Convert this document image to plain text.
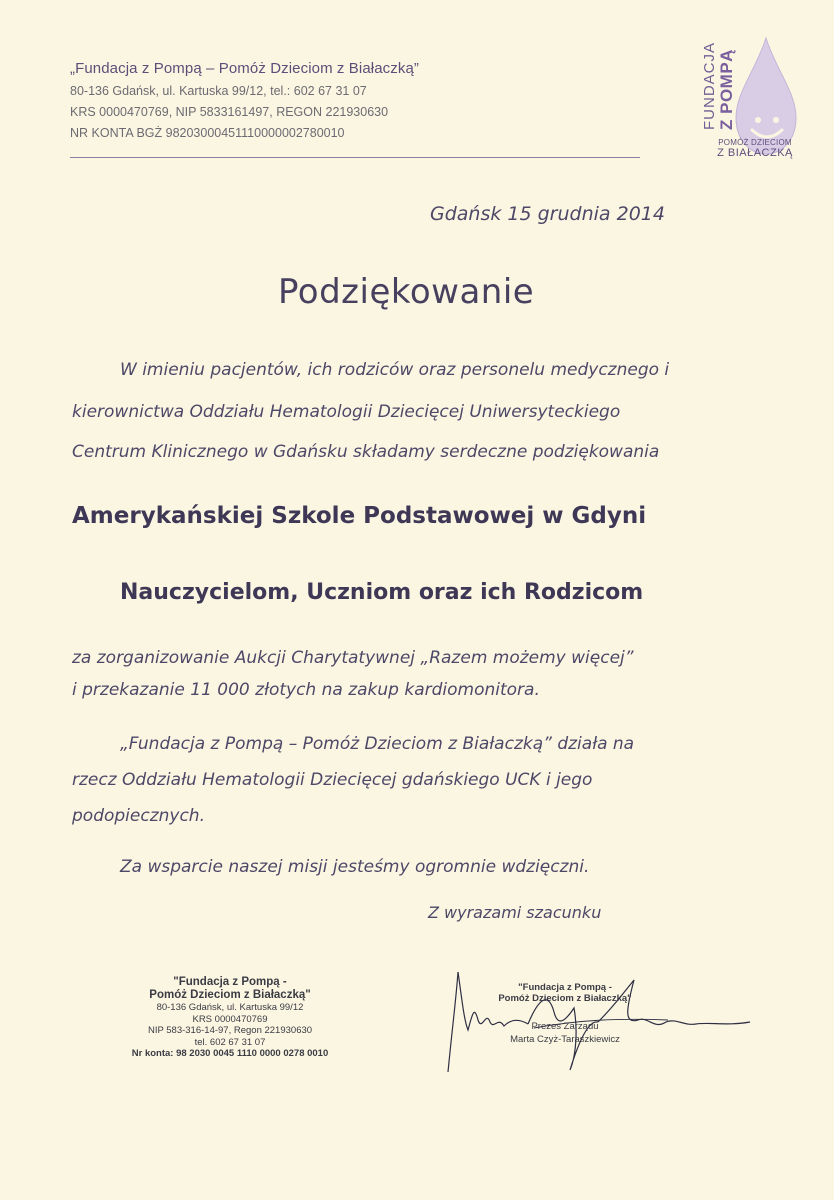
„Fundacja z Pompą – Pomóż Dzieciom z Białaczką”
80-136 Gdańsk, ul. Kartuska 99/12, tel.: 602 67 31 07
KRS 0000470769, NIP 5833161497, REGON 221930630
NR KONTA BGŻ 98203000451110000002780010
FUNDACJA Z POMPĄ
POMÓŻ DZIECIOM
Z BIAŁACZKĄ
Gdańsk 15 grudnia 2014
Podziękowanie
W imieniu pacjentów, ich rodziców oraz personelu medycznego i
kierownictwa Oddziału Hematologii Dziecięcej Uniwersyteckiego
Centrum Klinicznego w Gdańsku składamy serdeczne podziękowania
Amerykańskiej Szkole Podstawowej w Gdyni
Nauczycielom, Uczniom oraz ich Rodzicom
za zorganizowanie Aukcji Charytatywnej „Razem możemy więcej”
i przekazanie 11 000 złotych na zakup kardiomonitora.
„Fundacja z Pompą – Pomóż Dzieciom z Białaczką” działa na
rzecz Oddziału Hematologii Dziecięcej gdańskiego UCK i jego
podopiecznych.
Za wsparcie naszej misji jesteśmy ogromnie wdzięczni.
Z wyrazami szacunku
"Fundacja z Pompą -
Pomóż Dzieciom z Białaczką"
80-136 Gdańsk, ul. Kartuska 99/12
KRS 0000470769
NIP 583-316-14-97, Regon 221930630
tel. 602 67 31 07
Nr konta: 98 2030 0045 1110 0000 0278 0010
"Fundacja z Pompą -
Pomóż Dzieciom z Białaczką"
Prezes Zarządu
Marta Czyż-Taraszkiewicz
